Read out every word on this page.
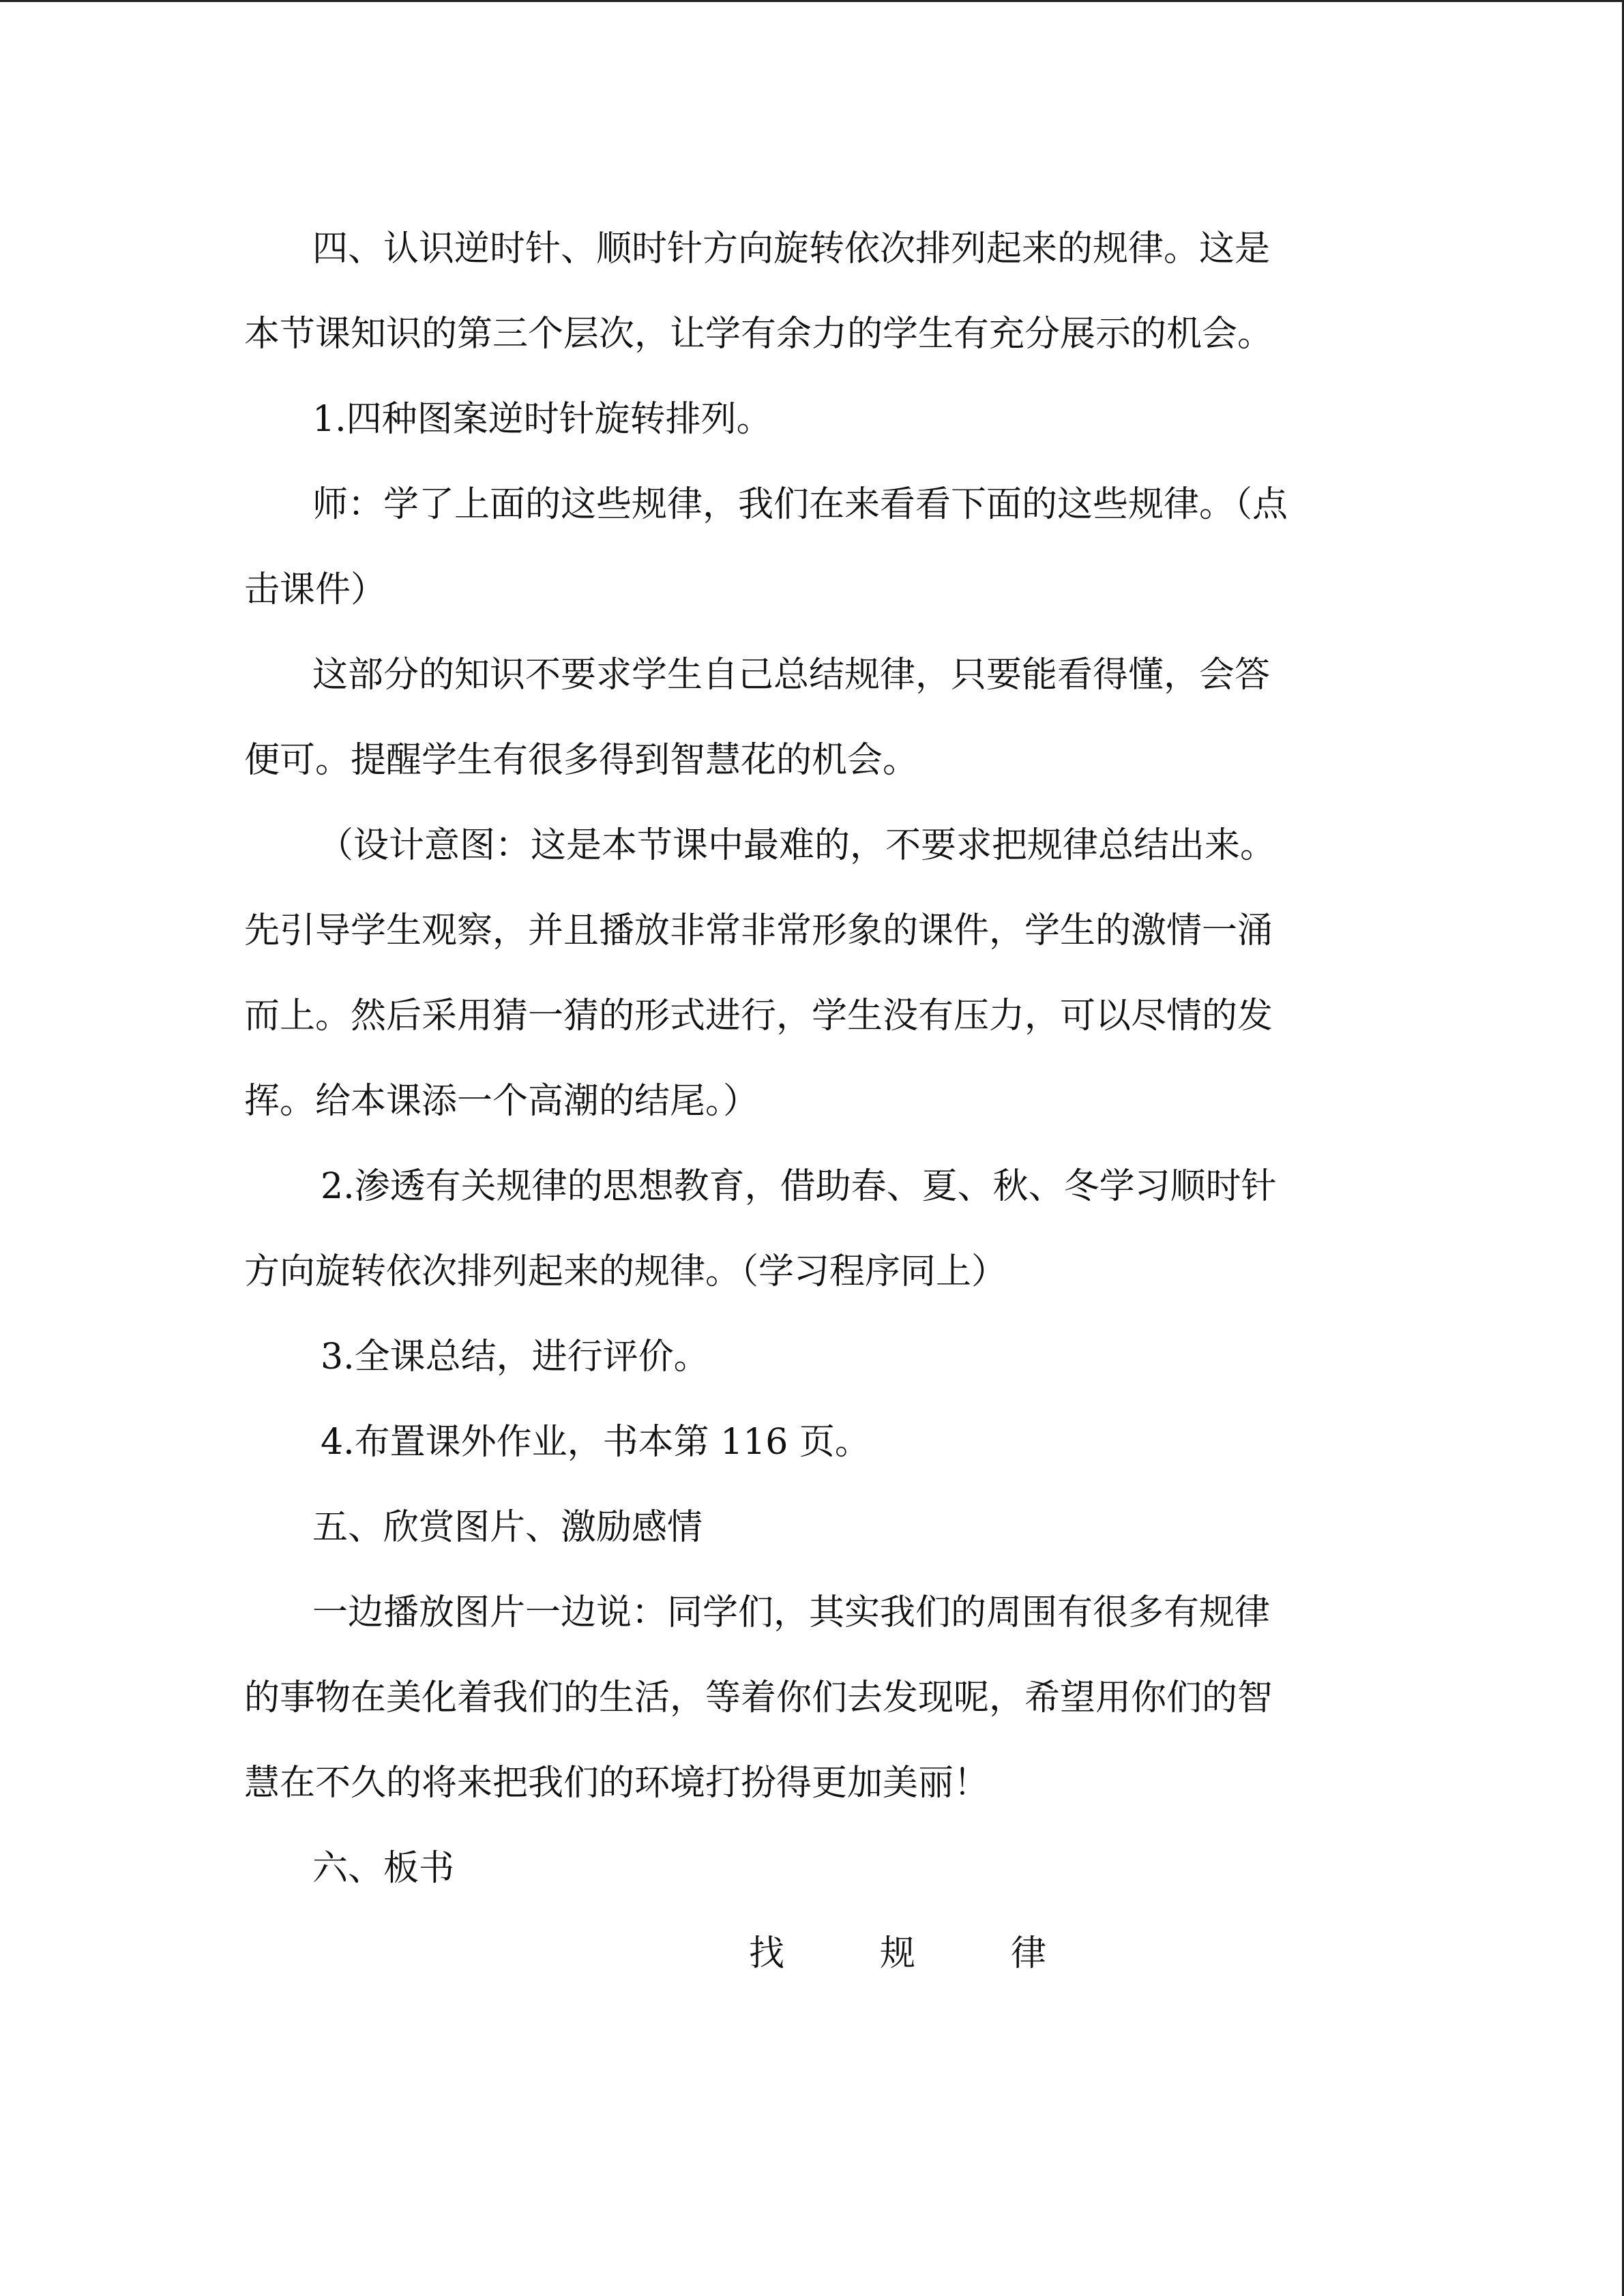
四、认识逆时针、顺时针方向旋转依次排列起来的规律。这是
本节课知识的第三个层次，让学有余力的学生有充分展示的机会。
1.四种图案逆时针旋转排列。
师：学了上面的这些规律，我们在来看看下面的这些规律。（点
击课件）
这部分的知识不要求学生自己总结规律，只要能看得懂，会答
便可。提醒学生有很多得到智慧花的机会。
（设计意图：这是本节课中最难的，不要求把规律总结出来。
先引导学生观察，并且播放非常非常形象的课件，学生的激情一涌
而上。然后采用猜一猜的形式进行，学生没有压力，可以尽情的发
挥。给本课添一个高潮的结尾。）
2.渗透有关规律的思想教育，借助春、夏、秋、冬学习顺时针
方向旋转依次排列起来的规律。（学习程序同上）
3.全课总结，进行评价。
4.布置课外作业，书本第 116 页。
五、欣赏图片、激励感情
一边播放图片一边说：同学们，其实我们的周围有很多有规律
的事物在美化着我们的生活，等着你们去发现呢，希望用你们的智
慧在不久的将来把我们的环境打扮得更加美丽！
六、板书
找	规	律
